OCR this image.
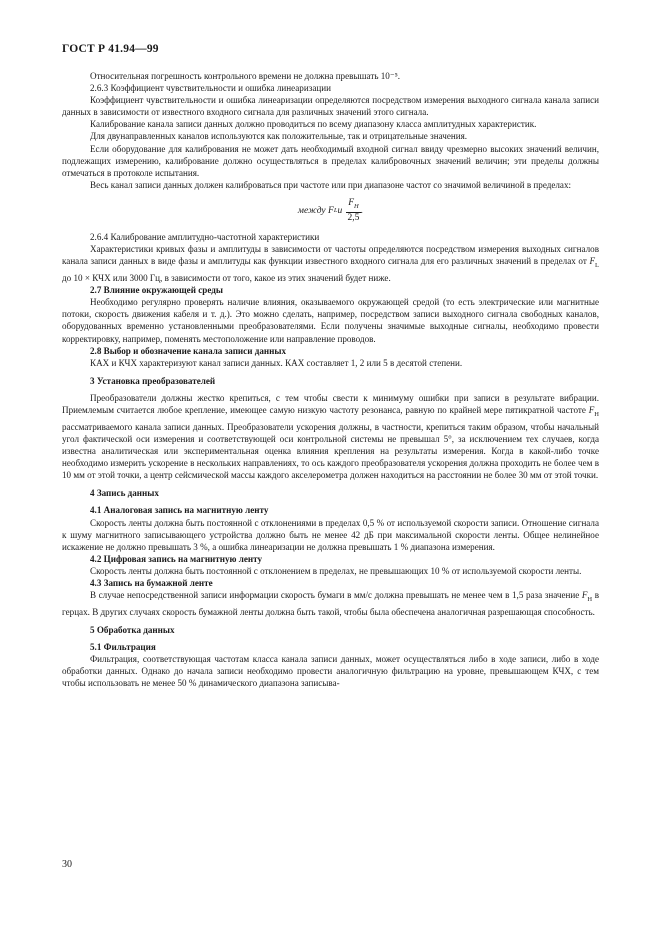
ГОСТ Р 41.94—99

Относительная погрешность контрольного времени не должна превышать 10⁻⁵.

2.6.3 Коэффициент чувствительности и ошибка линеаризации

Коэффициент чувствительности и ошибка линеаризации определяются посредством измерения выходного сигнала канала записи данных в зависимости от известного входного сигнала для различных значений этого сигнала.

Калибрование канала записи данных должно проводиться по всему диапазону класса амплитудных характеристик.

Для двунаправленных каналов используются как положительные, так и отрицательные значения.

Если оборудование для калибрования не может дать необходимый входной сигнал ввиду чрезмерно высоких значений величин, подлежащих измерению, калибрование должно осуществляться в пределах калибровочных значений величин; эти пределы должны отмечаться в протоколе испытания.

Весь канал записи данных должен калиброваться при частоте или при диапазоне частот со значимой величиной в пределах:

между F L и $\frac{F_H}{2,5}$ .

2.6.4 Калибрование амплитудно-частотной характеристики

Характеристики кривых фазы и амплитуды в зависимости от частоты определяются посредством измерения выходных сигналов канала записи данных в виде фазы и амплитуды как функции известного входного сигнала для его различных значений в пределах от $F_L$ до 10 × КЧХ или 3000 Гц, в зависимости от того, какое из этих значений будет ниже.

2.7 Влияние окружающей среды

Необходимо регулярно проверять наличие влияния, оказываемого окружающей средой (то есть электрические или магнитные потоки, скорость движения кабеля и т. д.). Это можно сделать, например, посредством записи выходного сигнала свободных каналов, оборудованных временно установленными преобразователями. Если получены значимые выходные сигналы, необходимо провести корректировку, например, поменять местоположение или направление проводов.

2.8 Выбор и обозначение канала записи данных

КАХ и КЧХ характеризуют канал записи данных. КАХ составляет 1, 2 или 5 в десятой степени.

3 Установка преобразователей

Преобразователи должны жестко крепиться, с тем чтобы свести к минимуму ошибки при записи в результате вибрации. Приемлемым считается любое крепление, имеющее самую низкую частоту резонанса, равную по крайней мере пятикратной частоте $F_H$ рассматриваемого канала записи данных. Преобразователи ускорения должны, в частности, крепиться таким образом, чтобы начальный угол фактической оси измерения и соответствующей оси контрольной системы не превышал 5°, за исключением тех случаев, когда известна аналитическая или экспериментальная оценка влияния крепления на результаты измерения. Когда в какой-либо точке необходимо измерить ускорение в нескольких направлениях, то ось каждого преобразователя ускорения должна проходить не более чем в 10 мм от этой точки, а центр сейсмической массы каждого акселерометра должен находиться на расстоянии не более 30 мм от этой точки.

4 Запись данных

4.1 Аналоговая запись на магнитную ленту

Скорость ленты должна быть постоянной с отклонениями в пределах 0,5 % от используемой скорости записи. Отношение сигнала к шуму магнитного записывающего устройства должно быть не менее 42 дБ при максимальной скорости ленты. Общее нелинейное искажение не должно превышать 3 %, а ошибка линеаризации не должна превышать 1 % диапазона измерения.

4.2 Цифровая запись на магнитную ленту

Скорость ленты должна быть постоянной с отклонением в пределах, не превышающих 10 % от используемой скорости ленты.

4.3 Запись на бумажной ленте

В случае непосредственной записи информации скорость бумаги в мм/с должна превышать не менее чем в 1,5 раза значение $F_H$ в герцах. В других случаях скорость бумажной ленты должна быть такой, чтобы была обеспечена аналогичная разрешающая способность.

5 Обработка данных

5.1 Фильтрация

Фильтрация, соответствующая частотам класса канала записи данных, может осуществляться либо в ходе записи, либо в ходе обработки данных. Однако до начала записи необходимо провести аналогичную фильтрацию на уровне, превышающем КЧХ, с тем чтобы использовать не менее 50 % динамического диапазона записыва-

30
